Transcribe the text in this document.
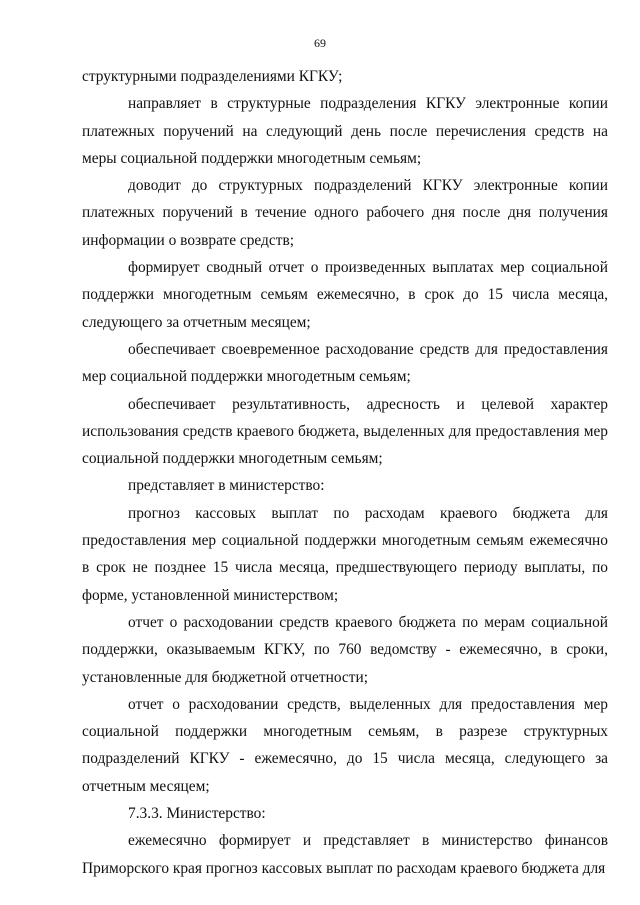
69

структурными подразделениями КГКУ;

направляет в структурные подразделения КГКУ электронные копии платежных поручений на следующий день после перечисления средств на меры социальной поддержки многодетным семьям;

доводит до структурных подразделений КГКУ электронные копии платежных поручений в течение одного рабочего дня после дня получения информации о возврате средств;

формирует сводный отчет о произведенных выплатах мер социальной поддержки многодетным семьям ежемесячно, в срок до 15 числа месяца, следующего за отчетным месяцем;

обеспечивает своевременное расходование средств для предоставления мер социальной поддержки многодетным семьям;

обеспечивает результативность, адресность и целевой характер использования средств краевого бюджета, выделенных для предоставления мер социальной поддержки многодетным семьям;

представляет в министерство:

прогноз кассовых выплат по расходам краевого бюджета для предоставления мер социальной поддержки многодетным семьям ежемесячно в срок не позднее 15 числа месяца, предшествующего периоду выплаты, по форме, установленной министерством;

отчет о расходовании средств краевого бюджета по мерам социальной поддержки, оказываемым КГКУ, по 760 ведомству - ежемесячно, в сроки, установленные для бюджетной отчетности;

отчет о расходовании средств, выделенных для предоставления мер социальной поддержки многодетным семьям, в разрезе структурных подразделений КГКУ - ежемесячно, до 15 числа месяца, следующего за отчетным месяцем;

7.3.3. Министерство:

ежемесячно формирует и представляет в министерство финансов Приморского края прогноз кассовых выплат по расходам краевого бюджета для
